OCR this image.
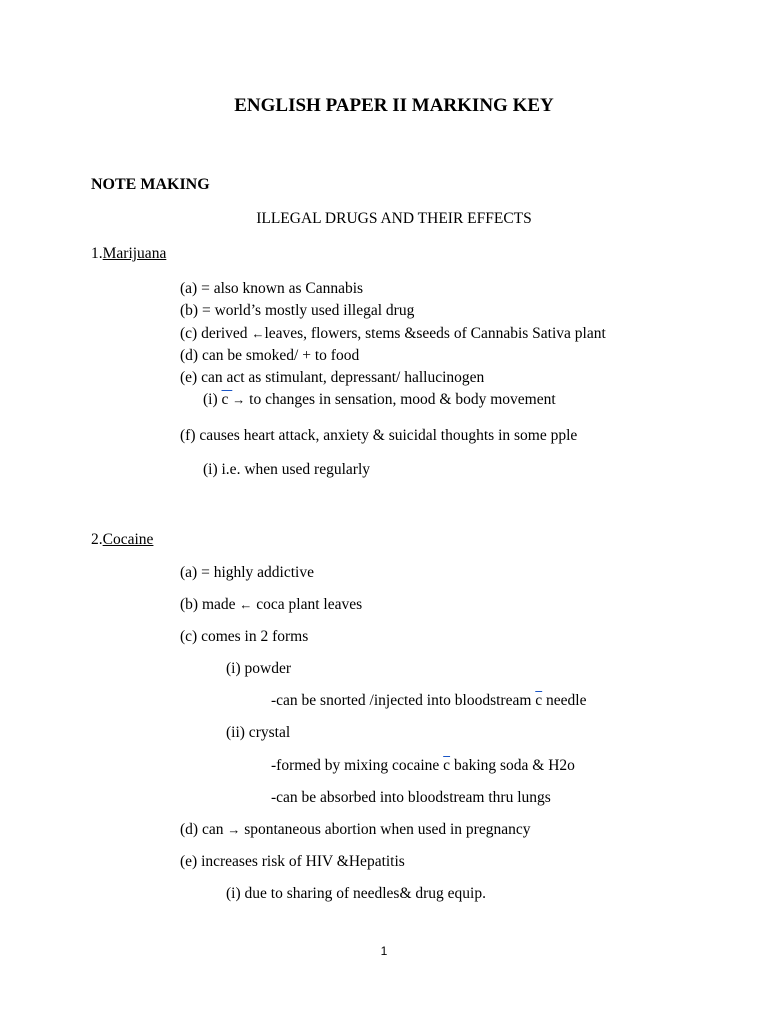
ENGLISH PAPER II MARKING KEY
NOTE MAKING
ILLEGAL DRUGS AND THEIR EFFECTS
1.Marijuana
(a) = also known as Cannabis
(b) = world’s mostly used illegal drug
(c) derived ←leaves, flowers, stems &seeds of Cannabis Sativa plant
(d) can be smoked/ + to food
(e) can act as stimulant, depressant/ hallucinogen
(i) c → to changes in sensation, mood & body movement
(f) causes heart attack, anxiety & suicidal thoughts in some pple
(i) i.e. when used regularly
2.Cocaine
(a) = highly addictive
(b) made ← coca plant leaves
(c) comes in 2 forms
(i) powder
-can be snorted /injected into bloodstream $\overline{c}$ needle
(ii) crystal
-formed by mixing cocaine $\overline{c}$ baking soda & H2o
-can be absorbed into bloodstream thru lungs
(d) can → spontaneous abortion when used in pregnancy
(e) increases risk of HIV &Hepatitis
(i) due to sharing of needles& drug equip.
1
